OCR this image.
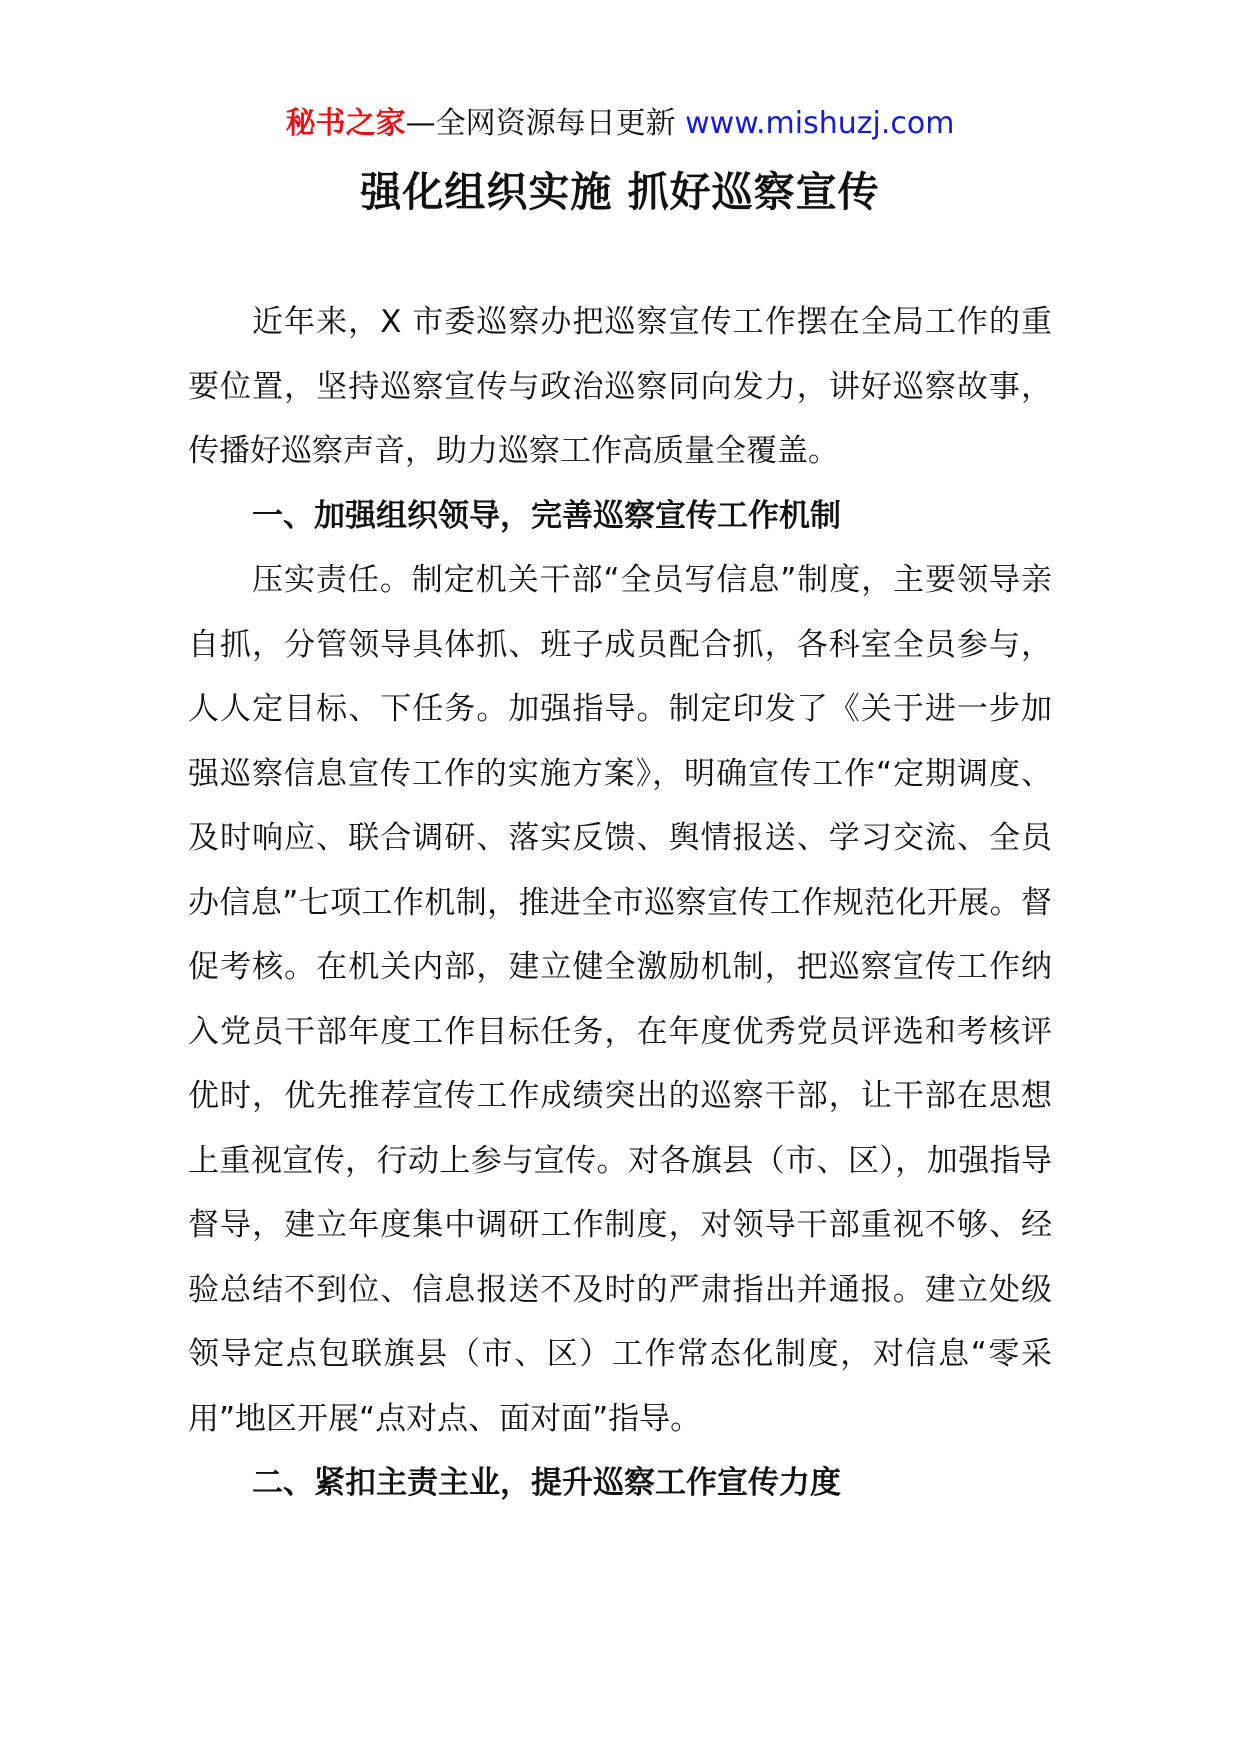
秘书之家—全网资源每日更新 www.mishuzj.com
强化组织实施 抓好巡察宣传

近年来，X 市委巡察办把巡察宣传工作摆在全局工作的重要位置，坚持巡察宣传与政治巡察同向发力，讲好巡察故事，传播好巡察声音，助力巡察工作高质量全覆盖。

一、加强组织领导，完善巡察宣传工作机制

压实责任。制定机关干部“全员写信息”制度，主要领导亲自抓，分管领导具体抓、班子成员配合抓，各科室全员参与，人人定目标、下任务。加强指导。制定印发了《关于进一步加强巡察信息宣传工作的实施方案》，明确宣传工作“定期调度、及时响应、联合调研、落实反馈、舆情报送、学习交流、全员办信息”七项工作机制，推进全市巡察宣传工作规范化开展。督促考核。在机关内部，建立健全激励机制，把巡察宣传工作纳入党员干部年度工作目标任务，在年度优秀党员评选和考核评优时，优先推荐宣传工作成绩突出的巡察干部，让干部在思想上重视宣传，行动上参与宣传。对各旗县（市、区），加强指导督导，建立年度集中调研工作制度，对领导干部重视不够、经验总结不到位、信息报送不及时的严肃指出并通报。建立处级领导定点包联旗县（市、区）工作常态化制度，对信息“零采用”地区开展“点对点、面对面”指导。

二、紧扣主责主业，提升巡察工作宣传力度
